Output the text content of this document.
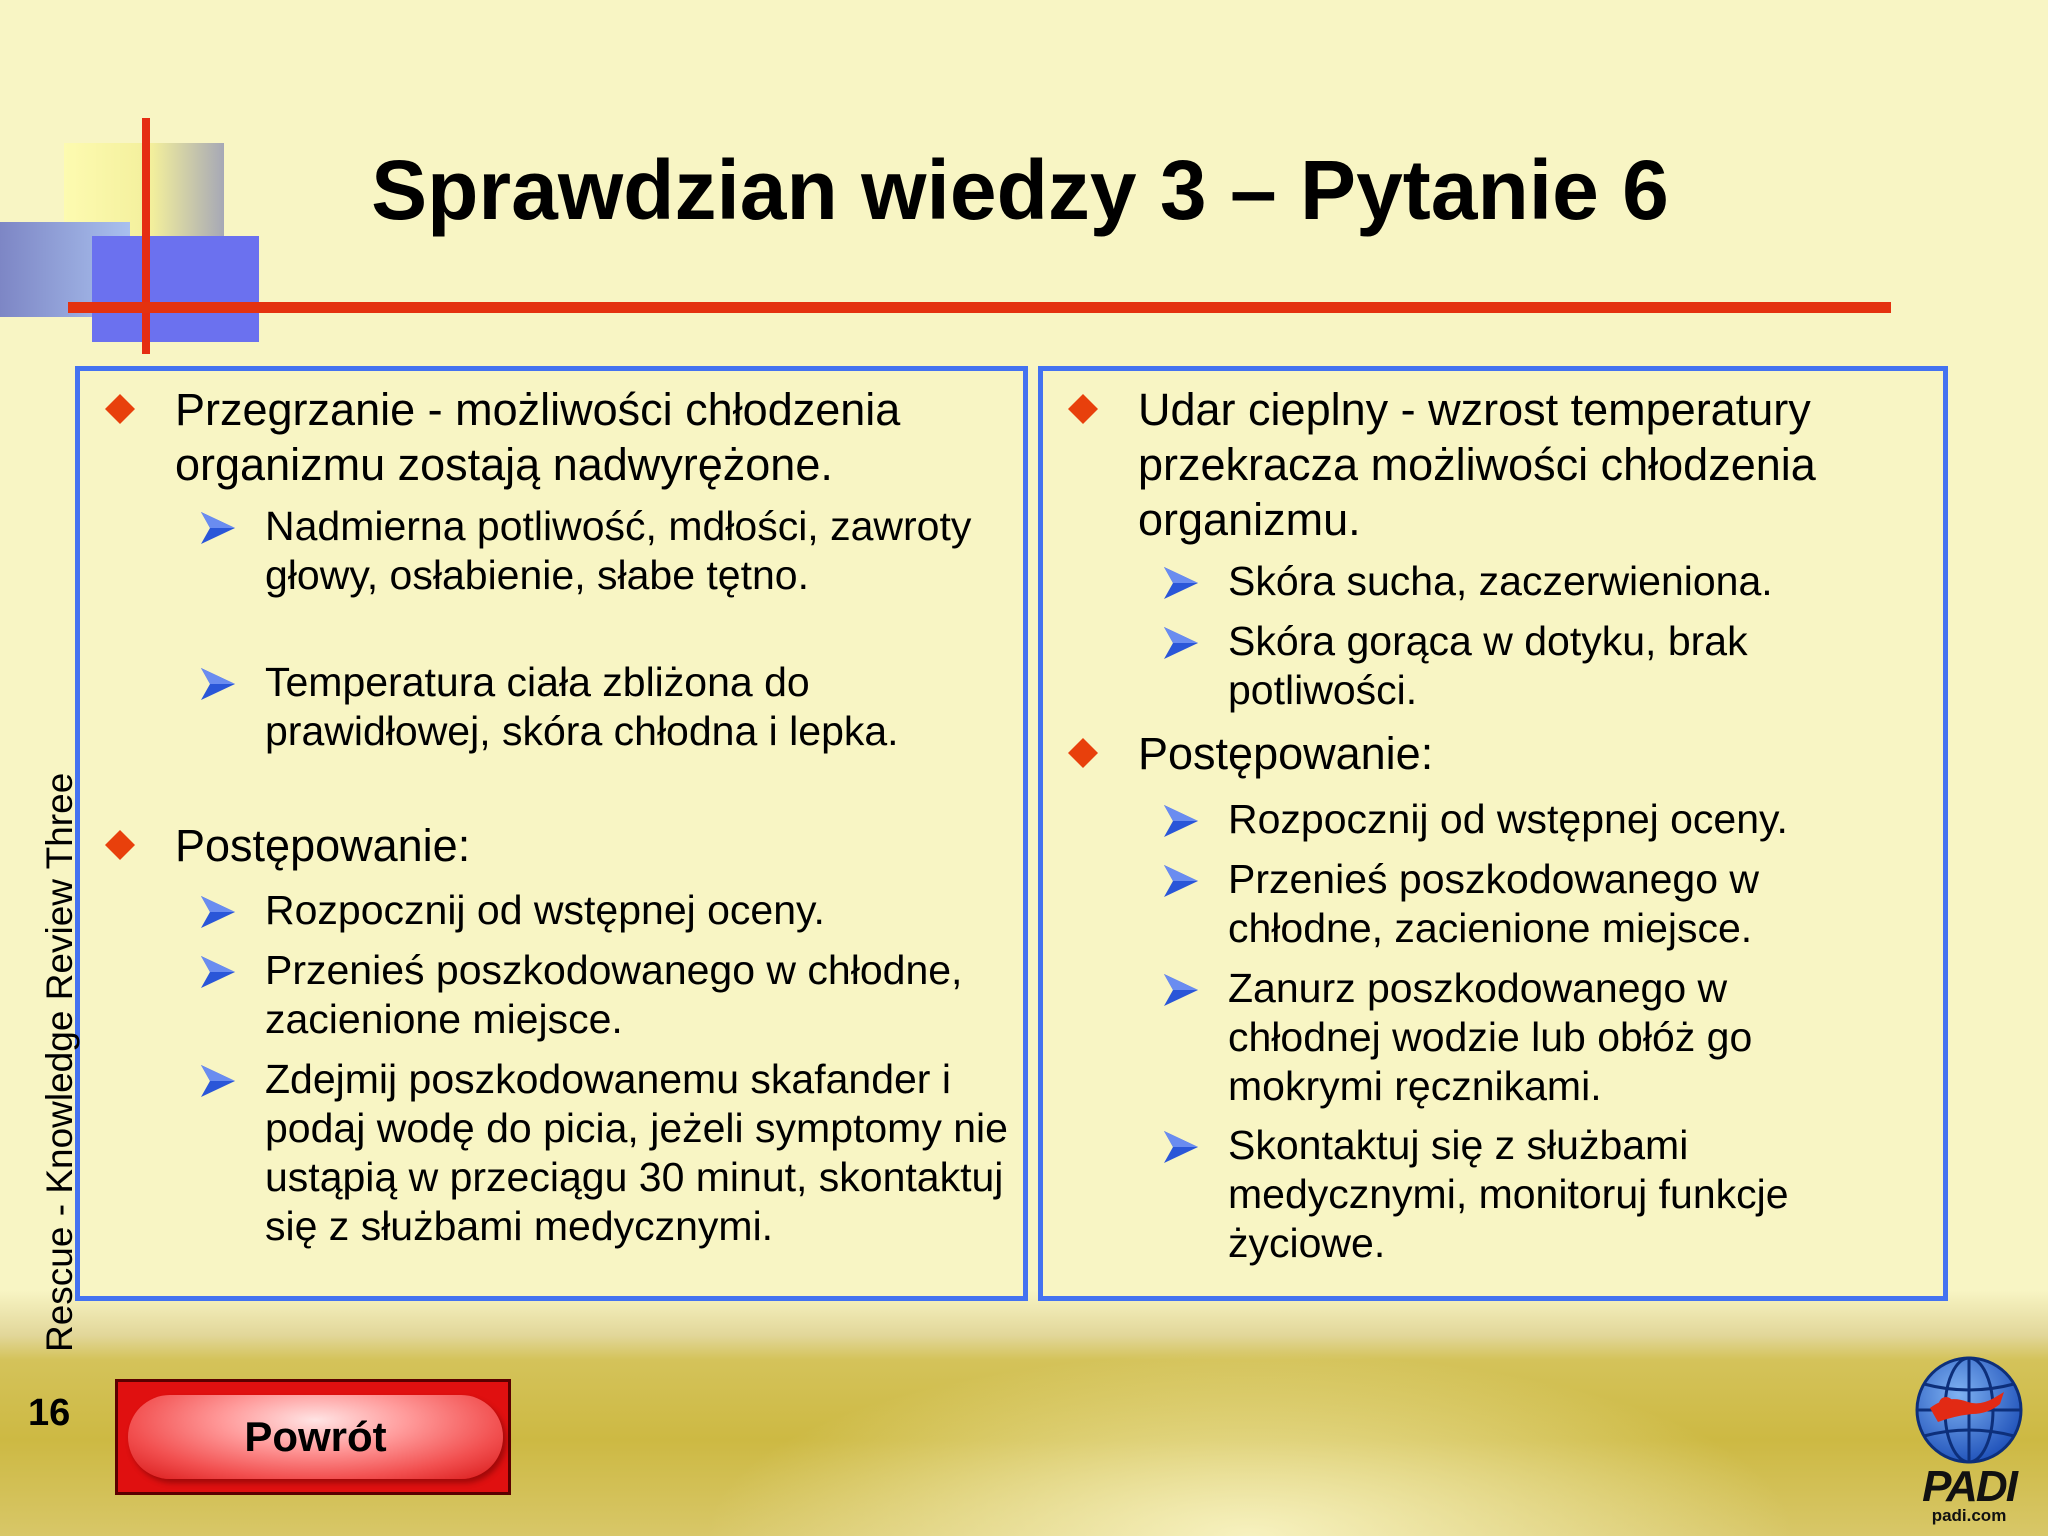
Sprawdzian wiedzy 3 – Pytanie 6
Przegrzanie - możliwości chłodzenia organizmu zostają nadwyrężone.
Nadmierna potliwość, mdłości, zawroty głowy, osłabienie, słabe tętno.
Temperatura ciała zbliżona do prawidłowej, skóra chłodna i lepka.
Postępowanie:
Rozpocznij od wstępnej oceny.
Przenieś poszkodowanego w chłodne, zacienione miejsce.
Zdejmij poszkodowanemu skafander i podaj wodę do picia, jeżeli symptomy nie ustąpią w przeciągu 30 minut, skontaktuj się z służbami medycznymi.
Udar cieplny - wzrost temperatury przekracza możliwości chłodzenia organizmu.
Skóra sucha, zaczerwieniona.
Skóra gorąca w dotyku, brak potliwości.
Postępowanie:
Rozpocznij od wstępnej oceny.
Przenieś poszkodowanego w chłodne, zacienione miejsce.
Zanurz poszkodowanego w chłodnej wodzie lub obłóż go mokrymi ręcznikami.
Skontaktuj się z służbami medycznymi, monitoruj funkcje życiowe.
Rescue - Knowledge Review Three
16	Powrót
PADI
padi.com
